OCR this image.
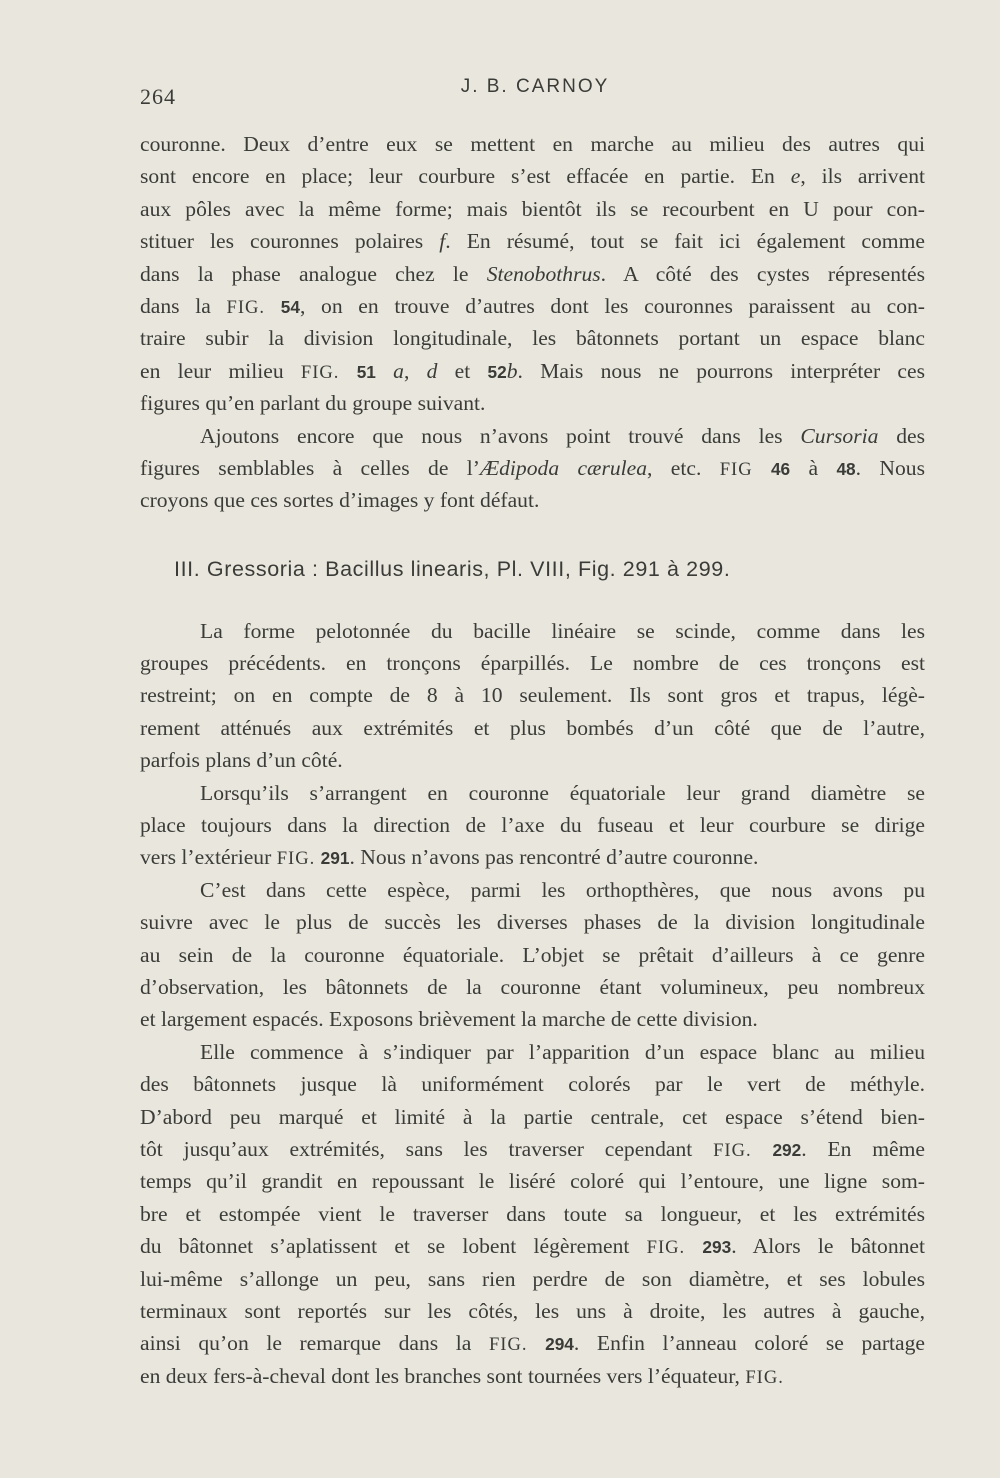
264	J. B. CARNOY
couronne. Deux d’entre eux se mettent en marche au milieu des autres qui
sont encore en place; leur courbure s’est effacée en partie. En e, ils arrivent
aux pôles avec la même forme; mais bientôt ils se recourbent en U pour con-
stituer les couronnes polaires f. En résumé, tout se fait ici également comme
dans la phase analogue chez le Stenobothrus. A côté des cystes répresentés
dans la FIG. 54, on en trouve d’autres dont les couronnes paraissent au con-
traire subir la division longitudinale, les bâtonnets portant un espace blanc
en leur milieu FIG. 51 a, d et 52b. Mais nous ne pourrons interpréter ces
figures qu’en parlant du groupe suivant.
Ajoutons encore que nous n’avons point trouvé dans les Cursoria des
figures semblables à celles de l’Ædipoda cærulea, etc. FIG 46 à 48. Nous
croyons que ces sortes d’images y font défaut.
III. Gressoria : Bacillus linearis, Pl. VIII, Fig. 291 à 299.
La forme pelotonnée du bacille linéaire se scinde, comme dans les
groupes précédents. en tronçons éparpillés. Le nombre de ces tronçons est
restreint; on en compte de 8 à 10 seulement. Ils sont gros et trapus, légè-
rement atténués aux extrémités et plus bombés d’un côté que de l’autre,
parfois plans d’un côté.
Lorsqu’ils s’arrangent en couronne équatoriale leur grand diamètre se
place toujours dans la direction de l’axe du fuseau et leur courbure se dirige
vers l’extérieur FIG. 291. Nous n’avons pas rencontré d’autre couronne.
C’est dans cette espèce, parmi les orthopthères, que nous avons pu
suivre avec le plus de succès les diverses phases de la division longitudinale
au sein de la couronne équatoriale. L’objet se prêtait d’ailleurs à ce genre
d’observation, les bâtonnets de la couronne étant volumineux, peu nombreux
et largement espacés. Exposons brièvement la marche de cette division.
Elle commence à s’indiquer par l’apparition d’un espace blanc au milieu
des bâtonnets jusque là uniformément colorés par le vert de méthyle.
D’abord peu marqué et limité à la partie centrale, cet espace s’étend bien-
tôt jusqu’aux extrémités, sans les traverser cependant FIG. 292. En même
temps qu’il grandit en repoussant le liséré coloré qui l’entoure, une ligne som-
bre et estompée vient le traverser dans toute sa longueur, et les extrémités
du bâtonnet s’aplatissent et se lobent légèrement FIG. 293. Alors le bâtonnet
lui-même s’allonge un peu, sans rien perdre de son diamètre, et ses lobules
terminaux sont reportés sur les côtés, les uns à droite, les autres à gauche,
ainsi qu’on le remarque dans la FIG. 294. Enfin l’anneau coloré se partage
en deux fers-à-cheval dont les branches sont tournées vers l’équateur, FIG.
